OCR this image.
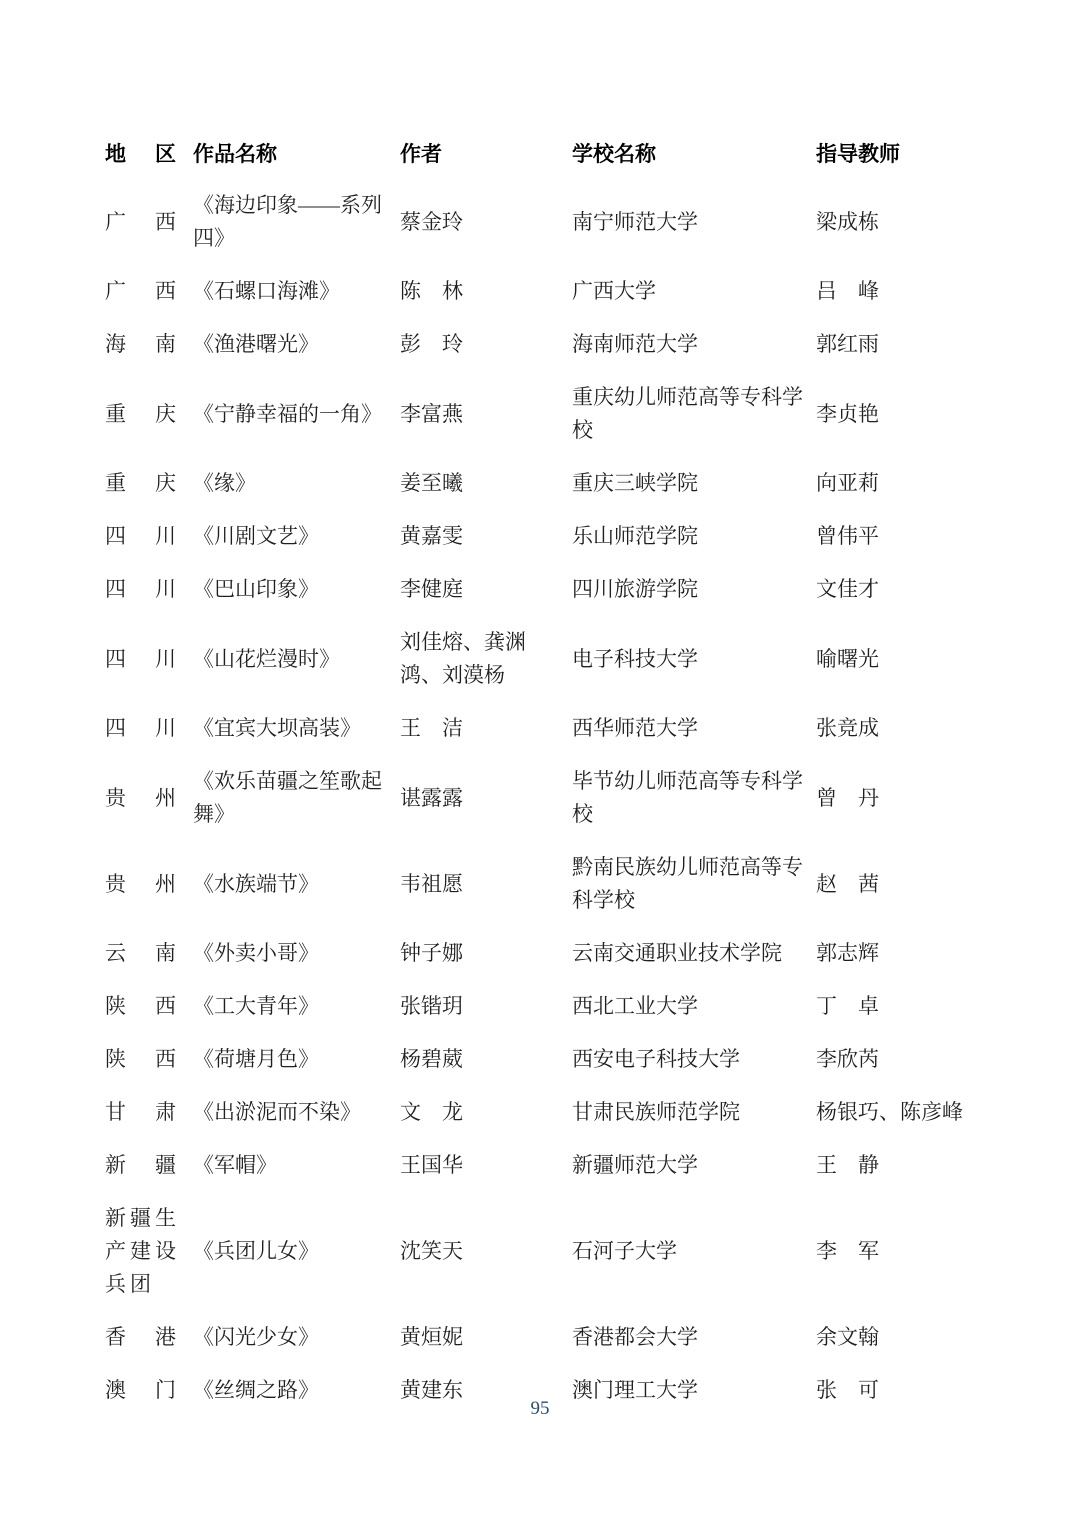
地　区	作品名称	作者	学校名称	指导教师
广　西	《海边印象——系列四》	蔡金玲	南宁师范大学	梁成栋
广　西	《石螺口海滩》	陈　林	广西大学	吕　峰
海　南	《渔港曙光》	彭　玲	海南师范大学	郭红雨
重　庆	《宁静幸福的一角》	李富燕	重庆幼儿师范高等专科学校	李贞艳
重　庆	《缘》	姜至曦	重庆三峡学院	向亚莉
四　川	《川剧文艺》	黄嘉雯	乐山师范学院	曾伟平
四　川	《巴山印象》	李健庭	四川旅游学院	文佳才
四　川	《山花烂漫时》	刘佳熔、龚渊鸿、刘漠杨	电子科技大学	喻曙光
四　川	《宜宾大坝高装》	王　洁	西华师范大学	张竞成
贵　州	《欢乐苗疆之笙歌起舞》	谌露露	毕节幼儿师范高等专科学校	曾　丹
贵　州	《水族端节》	韦祖愿	黔南民族幼儿师范高等专科学校	赵　茜
云　南	《外卖小哥》	钟子娜	云南交通职业技术学院	郭志辉
陕　西	《工大青年》	张锴玥	西北工业大学	丁　卓
陕　西	《荷塘月色》	杨碧葳	西安电子科技大学	李欣芮
甘　肃	《出淤泥而不染》	文　龙	甘肃民族师范学院	杨银巧、陈彦峰
新　疆	《军帽》	王国华	新疆师范大学	王　静
新疆生产建设兵团	《兵团儿女》	沈笑天	石河子大学	李　军
香　港	《闪光少女》	黄烜妮	香港都会大学	余文翰
澳　门	《丝绸之路》	黄建东	澳门理工大学	张　可
95
